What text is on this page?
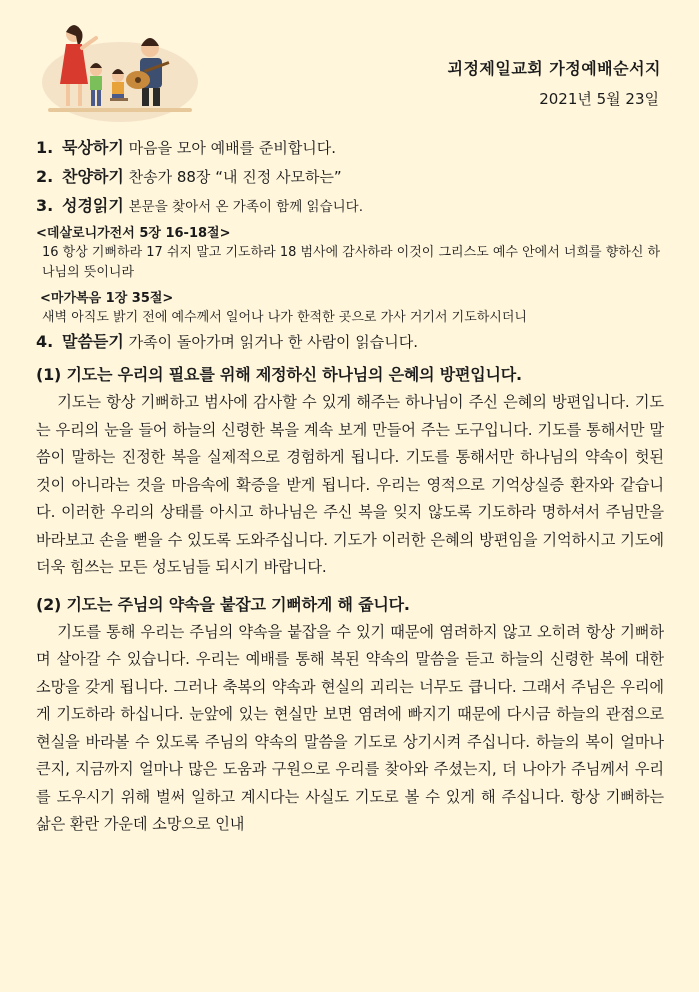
괴정제일교회 가정예배순서지
2021년 5월 23일
1. 묵상하기 마음을 모아 예배를 준비합니다.
2. 찬양하기 찬송가 88장 “내 진정 사모하는”
3. 성경읽기 본문을 찾아서 온 가족이 함께 읽습니다.
<데살로니가전서 5장 16-18절>
16 항상 기뻐하라 17 쉬지 말고 기도하라 18 범사에 감사하라 이것이 그리스도 예수 안에서 너희를 향하신 하나님의 뜻이니라
<마가복음 1장 35절>
새벽 아직도 밝기 전에 예수께서 일어나 나가 한적한 곳으로 가사 거기서 기도하시더니
4. 말씀듣기 가족이 돌아가며 읽거나 한 사람이 읽습니다.
(1) 기도는 우리의 필요를 위해 제정하신 하나님의 은혜의 방편입니다.

기도는 항상 기뻐하고 범사에 감사할 수 있게 해주는 하나님이 주신 은혜의 방편입니다. 기도는 우리의 눈을 들어 하늘의 신령한 복을 계속 보게 만들어 주는 도구입니다. 기도를 통해서만 말씀이 말하는 진정한 복을 실제적으로 경험하게 됩니다. 기도를 통해서만 하나님의 약속이 헛된 것이 아니라는 것을 마음속에 확증을 받게 됩니다. 우리는 영적으로 기억상실증 환자와 같습니다. 이러한 우리의 상태를 아시고 하나님은 주신 복을 잊지 않도록 기도하라 명하셔서 주님만을 바라보고 손을 뻗을 수 있도록 도와주십니다. 기도가 이러한 은혜의 방편임을 기억하시고 기도에 더욱 힘쓰는 모든 성도님들 되시기 바랍니다.

(2) 기도는 주님의 약속을 붙잡고 기뻐하게 해 줍니다.

기도를 통해 우리는 주님의 약속을 붙잡을 수 있기 때문에 염려하지 않고 오히려 항상 기뻐하며 살아갈 수 있습니다. 우리는 예배를 통해 복된 약속의 말씀을 듣고 하늘의 신령한 복에 대한 소망을 갖게 됩니다. 그러나 축복의 약속과 현실의 괴리는 너무도 큽니다. 그래서 주님은 우리에게 기도하라 하십니다. 눈앞에 있는 현실만 보면 염려에 빠지기 때문에 다시금 하늘의 관점으로 현실을 바라볼 수 있도록 주님의 약속의 말씀을 기도로 상기시켜 주십니다. 하늘의 복이 얼마나 큰지, 지금까지 얼마나 많은 도움과 구원으로 우리를 찾아와 주셨는지, 더 나아가 주님께서 우리를 도우시기 위해 벌써 일하고 계시다는 사실도 기도로 볼 수 있게 해 주십니다. 항상 기뻐하는 삶은 환란 가운데 소망으로 인내
